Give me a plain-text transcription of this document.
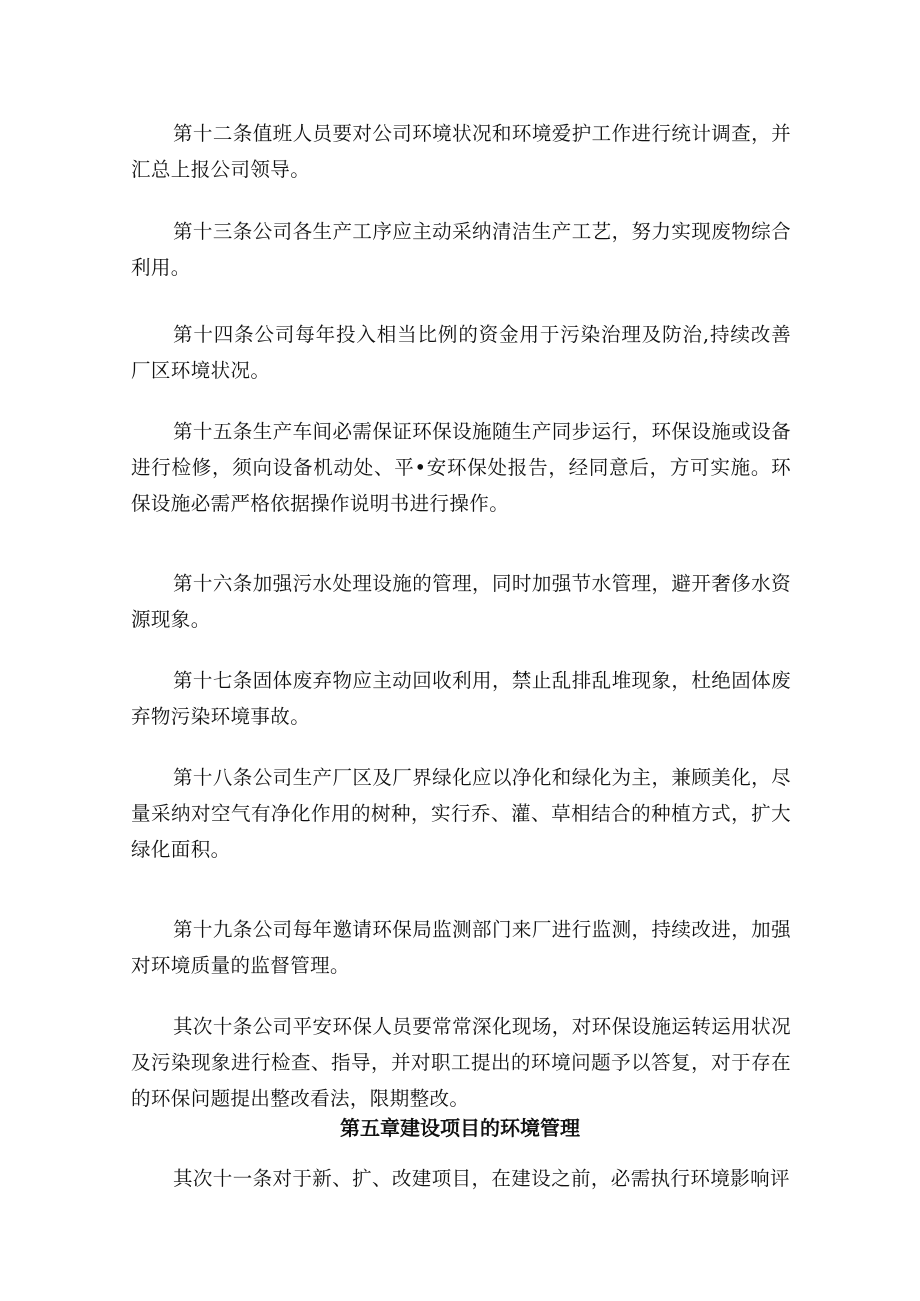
第十二条值班人员要对公司环境状况和环境爱护工作进行统计调查，并汇总上报公司领导。

第十三条公司各生产工序应主动采纳清洁生产工艺，努力实现废物综合利用。

第十四条公司每年投入相当比例的资金用于污染治理及防治,持续改善厂区环境状况。

第十五条生产车间必需保证环保设施随生产同步运行，环保设施或设备进行检修，须向设备机动处、平•安环保处报告，经同意后，方可实施。环保设施必需严格依据操作说明书进行操作。

第十六条加强污水处理设施的管理，同时加强节水管理，避开奢侈水资源现象。

第十七条固体废弃物应主动回收利用，禁止乱排乱堆现象，杜绝固体废弃物污染环境事故。

第十八条公司生产厂区及厂界绿化应以净化和绿化为主，兼顾美化，尽量采纳对空气有净化作用的树种，实行乔、灌、草相结合的种植方式，扩大绿化面积。

第十九条公司每年邀请环保局监测部门来厂进行监测，持续改进，加强对环境质量的监督管理。

其次十条公司平安环保人员要常常深化现场，对环保设施运转运用状况及污染现象进行检查、指导，并对职工提出的环境问题予以答复，对于存在的环保问题提出整改看法，限期整改。

第五章建设项目的环境管理

其次十一条对于新、扩、改建项目，在建设之前，必需执行环境影响评
